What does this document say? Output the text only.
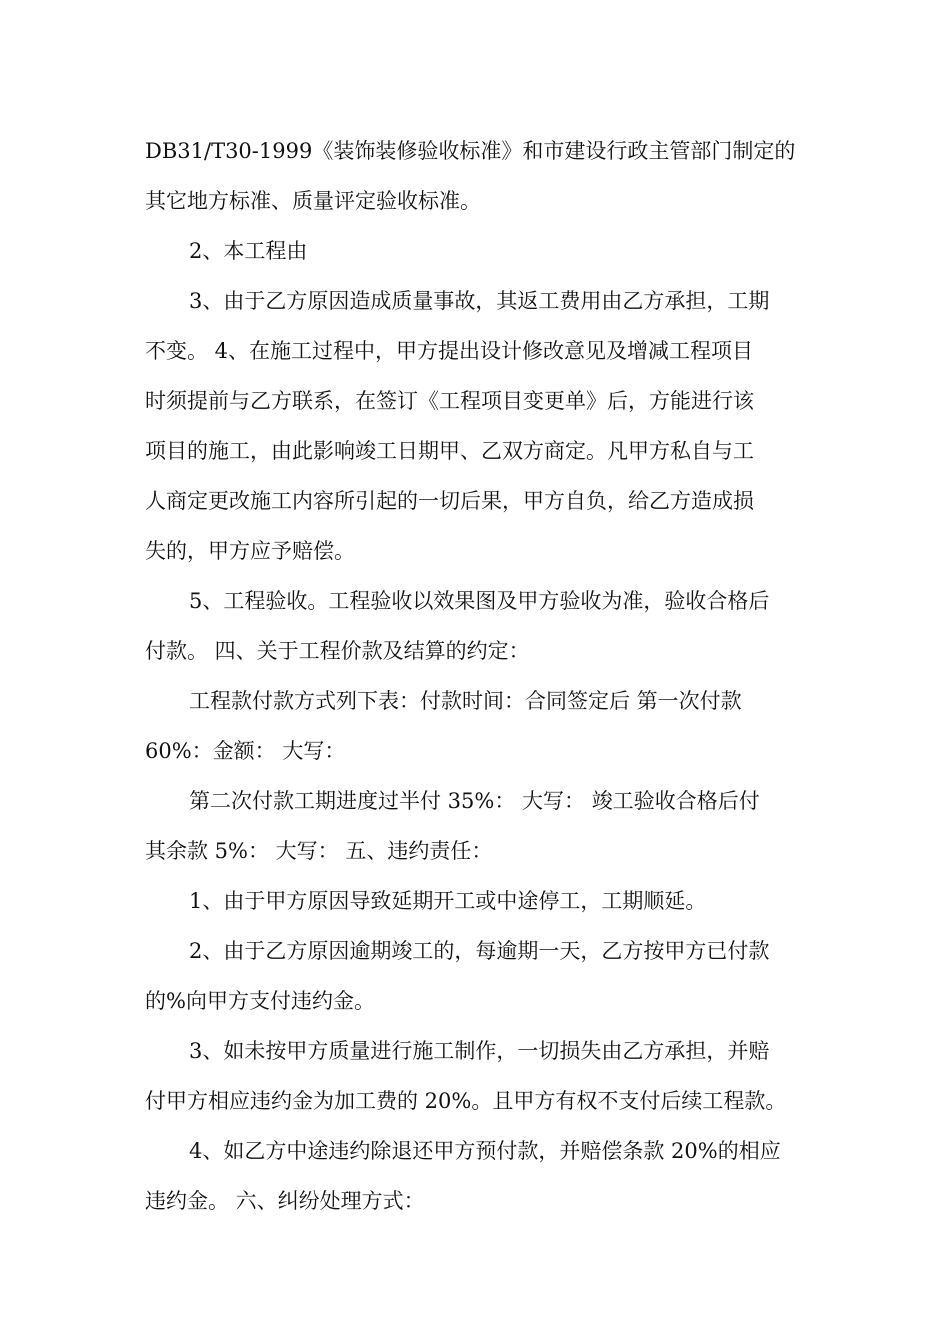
DB31/T30-1999《装饰装修验收标准》和市建设行政主管部门制定的
其它地方标准、质量评定验收标准。
2、本工程由
3、由于乙方原因造成质量事故，其返工费用由乙方承担，工期
不变。 4、在施工过程中，甲方提出设计修改意见及增减工程项目
时须提前与乙方联系，在签订《工程项目变更单》后，方能进行该
项目的施工，由此影响竣工日期甲、乙双方商定。凡甲方私自与工
人商定更改施工内容所引起的一切后果，甲方自负，给乙方造成损
失的，甲方应予赔偿。
5、工程验收。工程验收以效果图及甲方验收为准，验收合格后
付款。 四、关于工程价款及结算的约定：
工程款付款方式列下表：付款时间：合同签定后 第一次付款
60%：金额： 大写：
第二次付款工期进度过半付 35%： 大写： 竣工验收合格后付
其余款 5%： 大写： 五、违约责任：
1、由于甲方原因导致延期开工或中途停工，工期顺延。
2、由于乙方原因逾期竣工的，每逾期一天，乙方按甲方已付款
的%向甲方支付违约金。
3、如未按甲方质量进行施工制作，一切损失由乙方承担，并赔
付甲方相应违约金为加工费的 20%。且甲方有权不支付后续工程款。
4、如乙方中途违约除退还甲方预付款，并赔偿条款 20%的相应
违约金。 六、纠纷处理方式：
